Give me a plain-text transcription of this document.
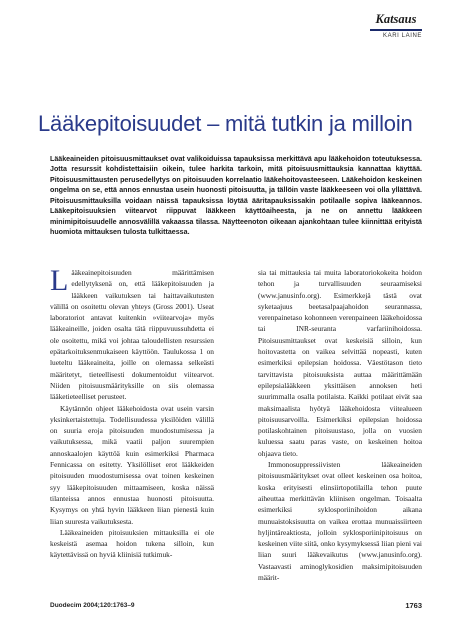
Katsaus
KARI LAINE
Lääkepitoisuudet – mitä tutkin ja milloin

Lääkeaineiden pitoisuusmittaukset ovat valikoiduissa tapauksissa merkittävä apu lääkehoidon toteutuksessa. Jotta resurssit kohdistettaisiin oikein, tulee harkita tarkoin, mitä pitoisuusmittauksia kannattaa käyttää. Pitoisuusmittausten perusedellytys on pitoisuuden korrelaatio lääkehoitovasteeseen. Lääkehoidon keskeinen ongelma on se, että annos ennustaa usein huonosti pitoisuutta, ja tällöin vaste lääkkeeseen voi olla yllättävä. Pitoisuusmittauksilla voidaan näissä tapauksissa löytää ääritapauksissakin potilaalle sopiva lääkeannos. Lääkepitoisuuksien viitearvot riippuvat lääkkeen käyttöaiheesta, ja ne on annettu lääkkeen minimipitoisuudelle annosvälillä vakaassa tilassa. Näytteenoton oikeaan ajankohtaan tulee kiinnittää erityistä huomiota mittauksen tulosta tulkittaessa.

Lääkeainepitoisuuden määrittämisen edellytyksenä on, että lääkepitoisuuden ja lääkkeen vaikutuksen tai haittavaikutusten välillä on osoitettu olevan yhteys (Gross 2001). Useat laboratoriot antavat kuitenkin »viitearvoja» myös lääkeaineille, joiden osalta tätä riippuvuussuhdetta ei ole osoitettu, mikä voi johtaa taloudellisten resurssien epätarkoituksenmukaiseen käyttöön. Taulukossa 1 on lueteltu lääkeaineita, joille on olemassa selkeästi määritetyt, tieteellisesti dokumentoidut viitearvot. Niiden pitoisuusmäärityksille on siis olemassa lääketieteelliset perusteet.

Käytännön ohjeet lääkehoidosta ovat usein varsin yksinkertaistettuja. Todellisuudessa yksilöiden välillä on suuria eroja pitoisuuden muodostumisessa ja vaikutuksessa, mikä vaatii paljon suurempien annoskaalojen käyttöä kuin esimerkiksi Pharmaca Fennicassa on esitetty. Yksilölliset erot lääkkeiden pitoisuuden muodostumisessa ovat toinen keskeinen syy lääkepitoisuuden mittaamiseen, koska näissä tilanteissa annos ennustaa huonosti pitoisuutta. Kysymys on yhtä hyvin lääkkeen liian pienestä kuin liian suuresta vaikutuksesta.

Lääkeaineiden pitoisuuksien mittauksilla ei ole keskeistä asemaa hoidon tukena silloin, kun käytettävissä on hyviä kliinisiä tutkimuk-

sia tai mittauksia tai muita laboratoriokokeita hoidon tehon ja turvallisuuden seuraamiseksi (www.janusinfo.org). Esimerkkejä tästä ovat syketaajuus beetasalpaajahoidon seurannassa, verenpainetaso kohonneen verenpaineen lääkehoidossa tai INR-seuranta varfariinihoidossa. Pitoisuusmittaukset ovat keskeisiä silloin, kun hoitovastetta on vaikea selvittää nopeasti, kuten esimerkiksi epilepsian hoidossa. Väestötason tieto tarvittavista pitoisuuksista auttaa määrittämään epilepsialääkkeen yksittäisen annoksen heti suurimmalla osalla potilaista. Kaikki potilaat eivät saa maksimaalista hyötyä lääkehoidosta viitealueen pitoisuusarvoilla. Esimerkiksi epilepsian hoidossa potilaskohtainen pitoisuustaso, jolla on vuosien kuluessa saatu paras vaste, on keskeinen hoitoa ohjaava tieto.

Immonosuppressiivisten lääkeaineiden pitoisuusmääritykset ovat olleet keskeinen osa hoitoa, koska erityisesti elinsiirtopotilailla tehon puute aiheuttaa merkittävän kliinisen ongelman. Toisaalta esimerkiksi syklosporiinihoidon aikana munuaistoksisuutta on vaikea erottaa munuaissiirteen hyljintäreaktiosta, jolloin syklosporiinipitoisuus on keskeinen viite siitä, onko kysymyksessä liian pieni vai liian suuri lääkevaikutus (www.janusinfo.org). Vastaavasti aminoglykosidien maksimipitoisuuden määrit-

Duodecim 2004;120:1763–9	1763
